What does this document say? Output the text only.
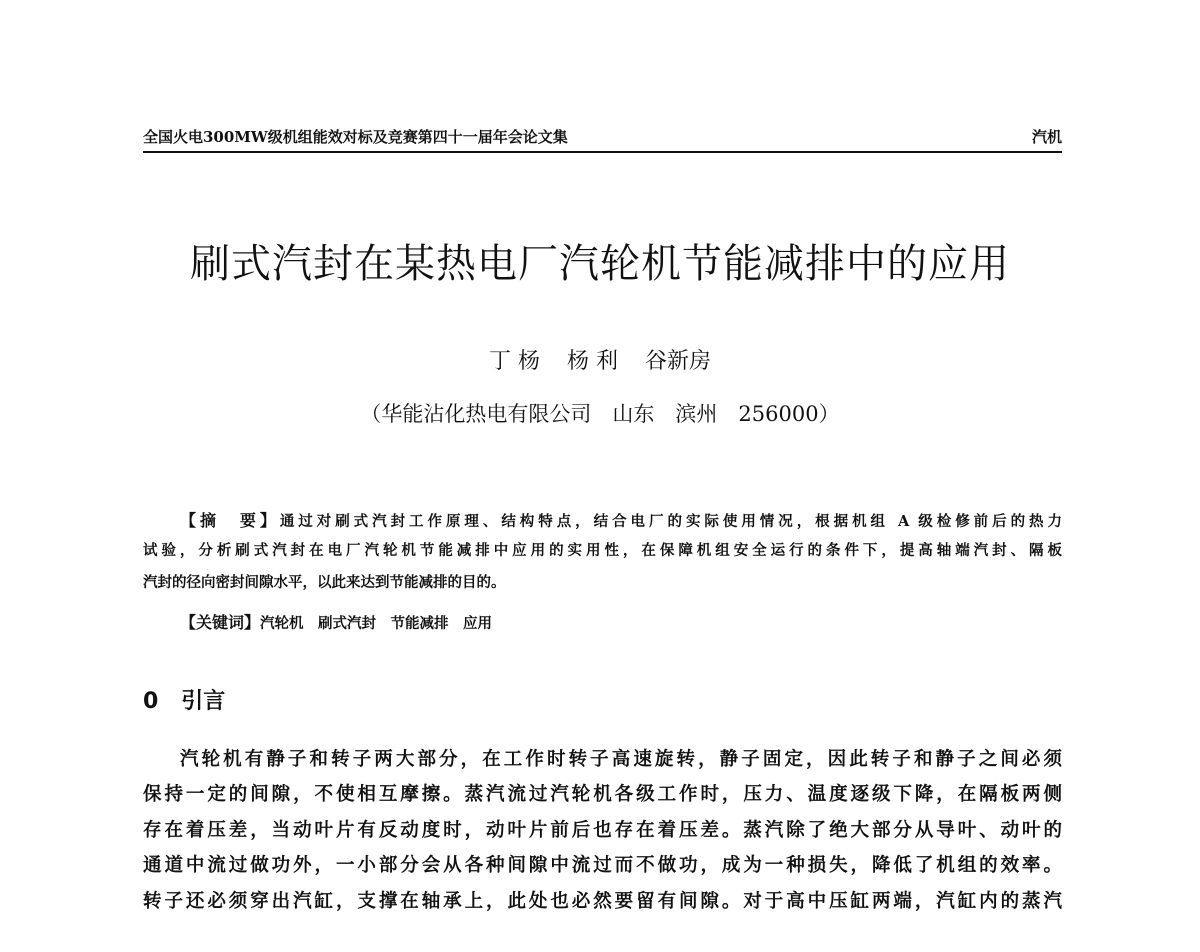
全国火电300MW级机组能效对标及竞赛第四十一届年会论文集	汽机
刷式汽封在某热电厂汽轮机节能减排中的应用
丁 杨 杨 利 谷新房
（华能沾化热电有限公司　山东　滨州　256000）
【摘　要】通过对刷式汽封工作原理、结构特点，结合电厂的实际使用情况，根据机组 A 级检修前后的热力
试验，分析刷式汽封在电厂汽轮机节能减排中应用的实用性，在保障机组安全运行的条件下，提高轴端汽封、隔板
汽封的径向密封间隙水平，以此来达到节能减排的目的。
【关键词】汽轮机　刷式汽封　节能减排　应用
0 引言
汽轮机有静子和转子两大部分，在工作时转子高速旋转，静子固定，因此转子和静子之间必须
保持一定的间隙，不使相互摩擦。蒸汽流过汽轮机各级工作时，压力、温度逐级下降，在隔板两侧
存在着压差，当动叶片有反动度时，动叶片前后也存在着压差。蒸汽除了绝大部分从导叶、动叶的
通道中流过做功外，一小部分会从各种间隙中流过而不做功，成为一种损失，降低了机组的效率。
转子还必须穿出汽缸，支撑在轴承上，此处也必然要留有间隙。对于高中压缸两端，汽缸内的蒸汽
